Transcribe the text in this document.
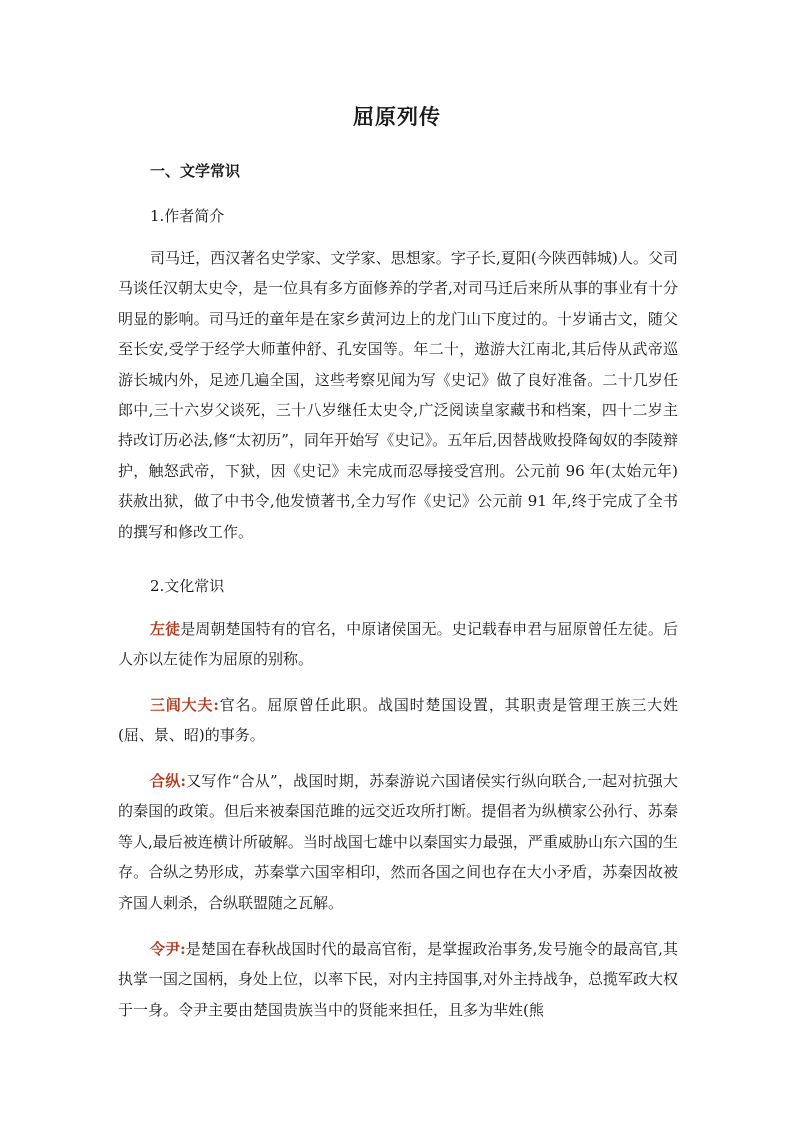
屈原列传
一、文学常识
1.作者简介

司马迁，西汉著名史学家、文学家、思想家。字子长,夏阳(今陕西韩城)人。父司马谈任汉朝太史令，是一位具有多方面修养的学者,对司马迁后来所从事的事业有十分明显的影响。司马迁的童年是在家乡黄河边上的龙门山下度过的。十岁诵古文，随父至长安,受学于经学大师董仲舒、孔安国等。年二十，遨游大江南北,其后侍从武帝巡游长城内外，足迹几遍全国，这些考察见闻为写《史记》做了良好准备。二十几岁任郎中,三十六岁父谈死，三十八岁继任太史令,广泛阅读皇家藏书和档案，四十二岁主持改订历必法,修“太初历”，同年开始写《史记》。五年后,因替战败投降匈奴的李陵辩护，触怒武帝，下狱，因《史记》未完成而忍辱接受宫刑。公元前 96 年(太始元年)获赦出狱，做了中书令,他发愤著书,全力写作《史记》公元前 91 年,终于完成了全书的撰写和修改工作。

2.文化常识

左徒是周朝楚国特有的官名，中原诸侯国无。史记载春申君与屈原曾任左徒。后人亦以左徒作为屈原的别称。

三闾大夫:官名。屈原曾任此职。战国时楚国设置，其职责是管理王族三大姓(屈、景、昭)的事务。

合纵:又写作“合从”，战国时期，苏秦游说六国诸侯实行纵向联合,一起对抗强大的秦国的政策。但后来被秦国范雎的远交近攻所打断。提倡者为纵横家公孙行、苏秦等人,最后被连横计所破解。当时战国七雄中以秦国实力最强，严重威胁山东六国的生存。合纵之势形成，苏秦掌六国宰相印，然而各国之间也存在大小矛盾，苏秦因故被齐国人刺杀，合纵联盟随之瓦解。

令尹:是楚国在春秋战国时代的最高官衔，是掌握政治事务,发号施令的最高官,其执掌一国之国柄，身处上位，以率下民，对内主持国事,对外主持战争，总揽军政大权于一身。令尹主要由楚国贵族当中的贤能来担任，且多为芈姓(熊
